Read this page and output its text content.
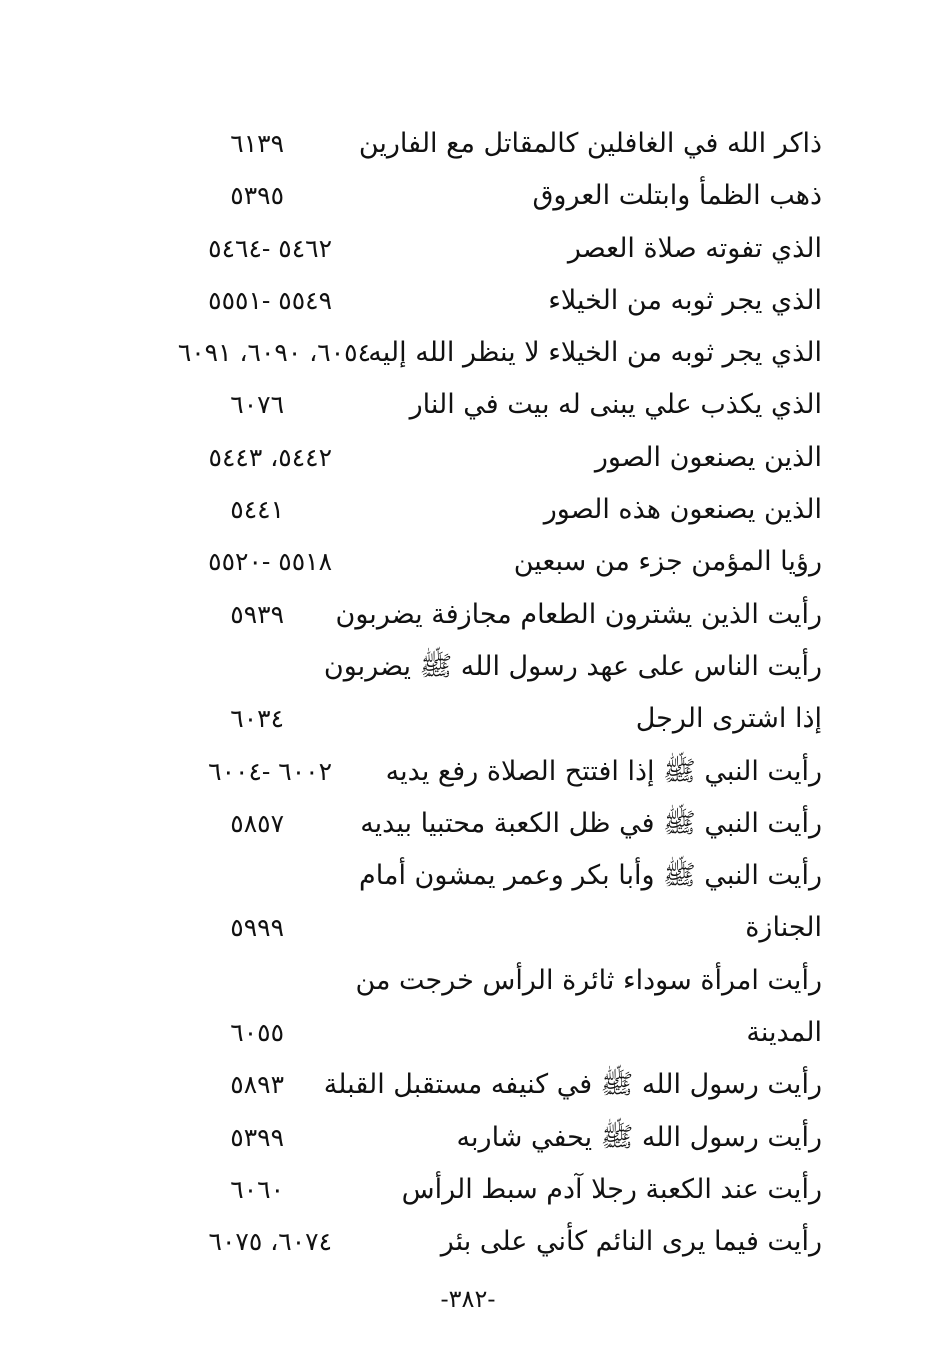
ذاكر الله في الغافلين كالمقاتل مع الفارين
٦١٣٩
ذهب الظمأ وابتلت العروق
٥٣٩٥
الذي تفوته صلاة العصر
٥٤٦٢ -٥٤٦٤
الذي يجر ثوبه من الخيلاء
٥٥٤٩ -٥٥٥١
الذي يجر ثوبه من الخيلاء لا ينظر الله إليه
٦٠٥٤، ٦٠٩٠، ٦٠٩١
الذي يكذب علي يبنى له بيت في النار
٦٠٧٦
الذين يصنعون الصور
٥٤٤٢، ٥٤٤٣
الذين يصنعون هذه الصور
٥٤٤١
رؤيا المؤمن جزء من سبعين
٥٥١٨ -٥٥٢٠
رأيت الذين يشترون الطعام مجازفة يضربون
٥٩٣٩
رأيت الناس على عهد رسول الله ﷺ يضربون
إذا اشترى الرجل
٦٠٣٤
رأيت النبي ﷺ إذا افتتح الصلاة رفع يديه
٦٠٠٢ -٦٠٠٤
رأيت النبي ﷺ في ظل الكعبة محتبيا بيديه
٥٨٥٧
رأيت النبي ﷺ وأبا بكر وعمر يمشون أمام
الجنازة
٥٩٩٩
رأيت امرأة سوداء ثائرة الرأس خرجت من
المدينة
٦٠٥٥
رأيت رسول الله ﷺ في كنيفه مستقبل القبلة
٥٨٩٣
رأيت رسول الله ﷺ يحفي شاربه
٥٣٩٩
رأيت عند الكعبة رجلا آدم سبط الرأس
٦٠٦٠
رأيت فيما يرى النائم كأني على بئر
٦٠٧٤، ٦٠٧٥
-٣٨٢-
